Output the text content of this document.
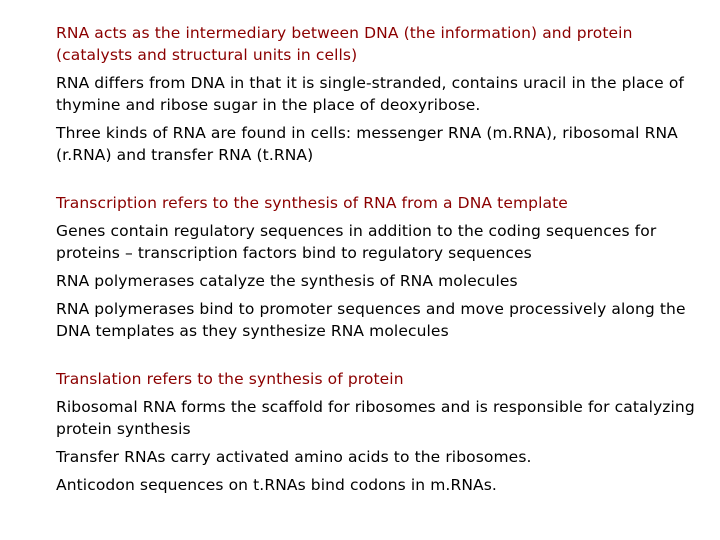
RNA acts as the intermediary between DNA (the information) and protein (catalysts and structural units in cells)

RNA differs from DNA in that it is single-stranded, contains uracil in the place of thymine and ribose sugar in the place of deoxyribose.

Three kinds of RNA are found in cells: messenger RNA (m.RNA), ribosomal RNA (r.RNA) and transfer RNA (t.RNA)

Transcription refers to the synthesis of RNA from a DNA template

Genes contain regulatory sequences in addition to the coding sequences for proteins – transcription factors bind to regulatory sequences

RNA polymerases catalyze the synthesis of RNA molecules

RNA polymerases bind to promoter sequences and move processively along the DNA templates as they synthesize RNA molecules

Translation refers to the synthesis of protein

Ribosomal RNA forms the scaffold for ribosomes and is responsible for catalyzing protein synthesis

Transfer RNAs carry activated amino acids to the ribosomes.

Anticodon sequences on t.RNAs bind codons in m.RNAs.
